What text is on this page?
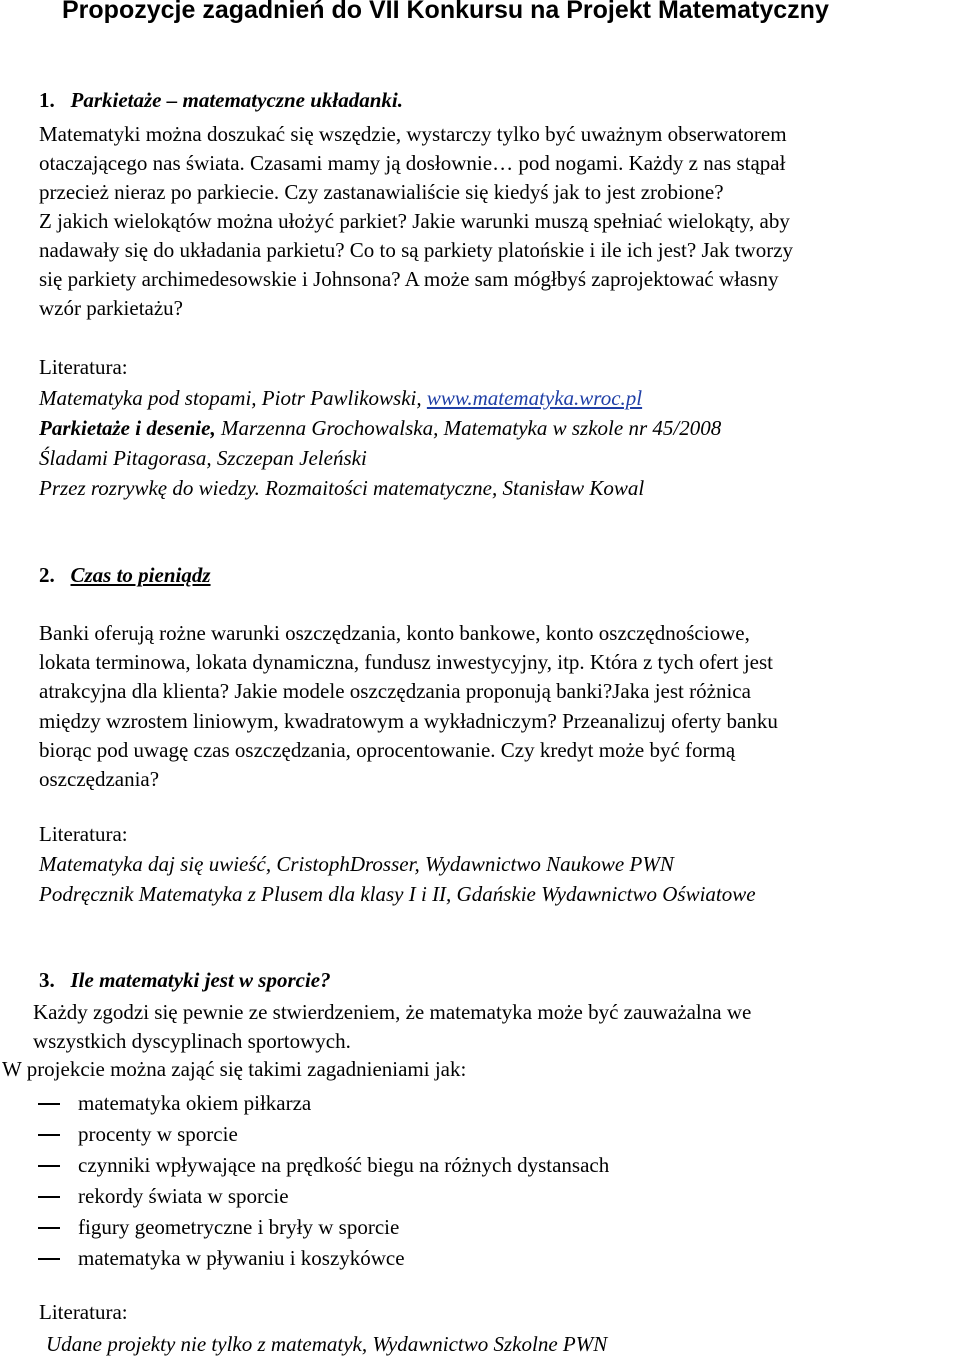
Propozycje zagadnień do VII Konkursu na Projekt Matematyczny
1. Parkietaże – matematyczne układanki.
Matematyki można doszukać się wszędzie, wystarczy tylko być uważnym obserwatorem
otaczającego nas świata. Czasami mamy ją dosłownie… pod nogami. Każdy z nas stąpał
przecież nieraz po parkiecie. Czy zastanawialiście się kiedyś jak to jest zrobione?
Z jakich wielokątów można ułożyć parkiet? Jakie warunki muszą spełniać wielokąty, aby
nadawały się do układania parkietu? Co to są parkiety platońskie i ile ich jest? Jak tworzy
się parkiety archimedesowskie i Johnsona? A może sam mógłbyś zaprojektować własny
wzór parkietażu?
Literatura:
Matematyka pod stopami, Piotr Pawlikowski, www.matematyka.wroc.pl
Parkietaże i desenie, Marzenna Grochowalska, Matematyka w szkole nr 45/2008
Śladami Pitagorasa, Szczepan Jeleński
Przez rozrywkę do wiedzy. Rozmaitości matematyczne, Stanisław Kowal
2. Czas to pieniądz
Banki oferują rożne warunki oszczędzania, konto bankowe, konto oszczędnościowe,
lokata terminowa, lokata dynamiczna, fundusz inwestycyjny, itp. Która z tych ofert jest
atrakcyjna dla klienta? Jakie modele oszczędzania proponują banki?Jaka jest różnica
między wzrostem liniowym, kwadratowym a wykładniczym? Przeanalizuj oferty banku
biorąc pod uwagę czas oszczędzania, oprocentowanie. Czy kredyt może być formą
oszczędzania?
Literatura:
Matematyka daj się uwieść, CristophDrosser, Wydawnictwo Naukowe PWN
Podręcznik Matematyka z Plusem dla klasy I i II, Gdańskie Wydawnictwo Oświatowe
3. Ile matematyki jest w sporcie?
Każdy zgodzi się pewnie ze stwierdzeniem, że matematyka może być zauważalna we
wszystkich dyscyplinach sportowych.
W projekcie można zająć się takimi zagadnieniami jak:
matematyka okiem piłkarza
procenty w sporcie
czynniki wpływające na prędkość biegu na różnych dystansach
rekordy świata w sporcie
figury geometryczne i bryły w sporcie
matematyka w pływaniu i koszykówce
Literatura:
Udane projekty nie tylko z matematyk, Wydawnictwo Szkolne PWN
